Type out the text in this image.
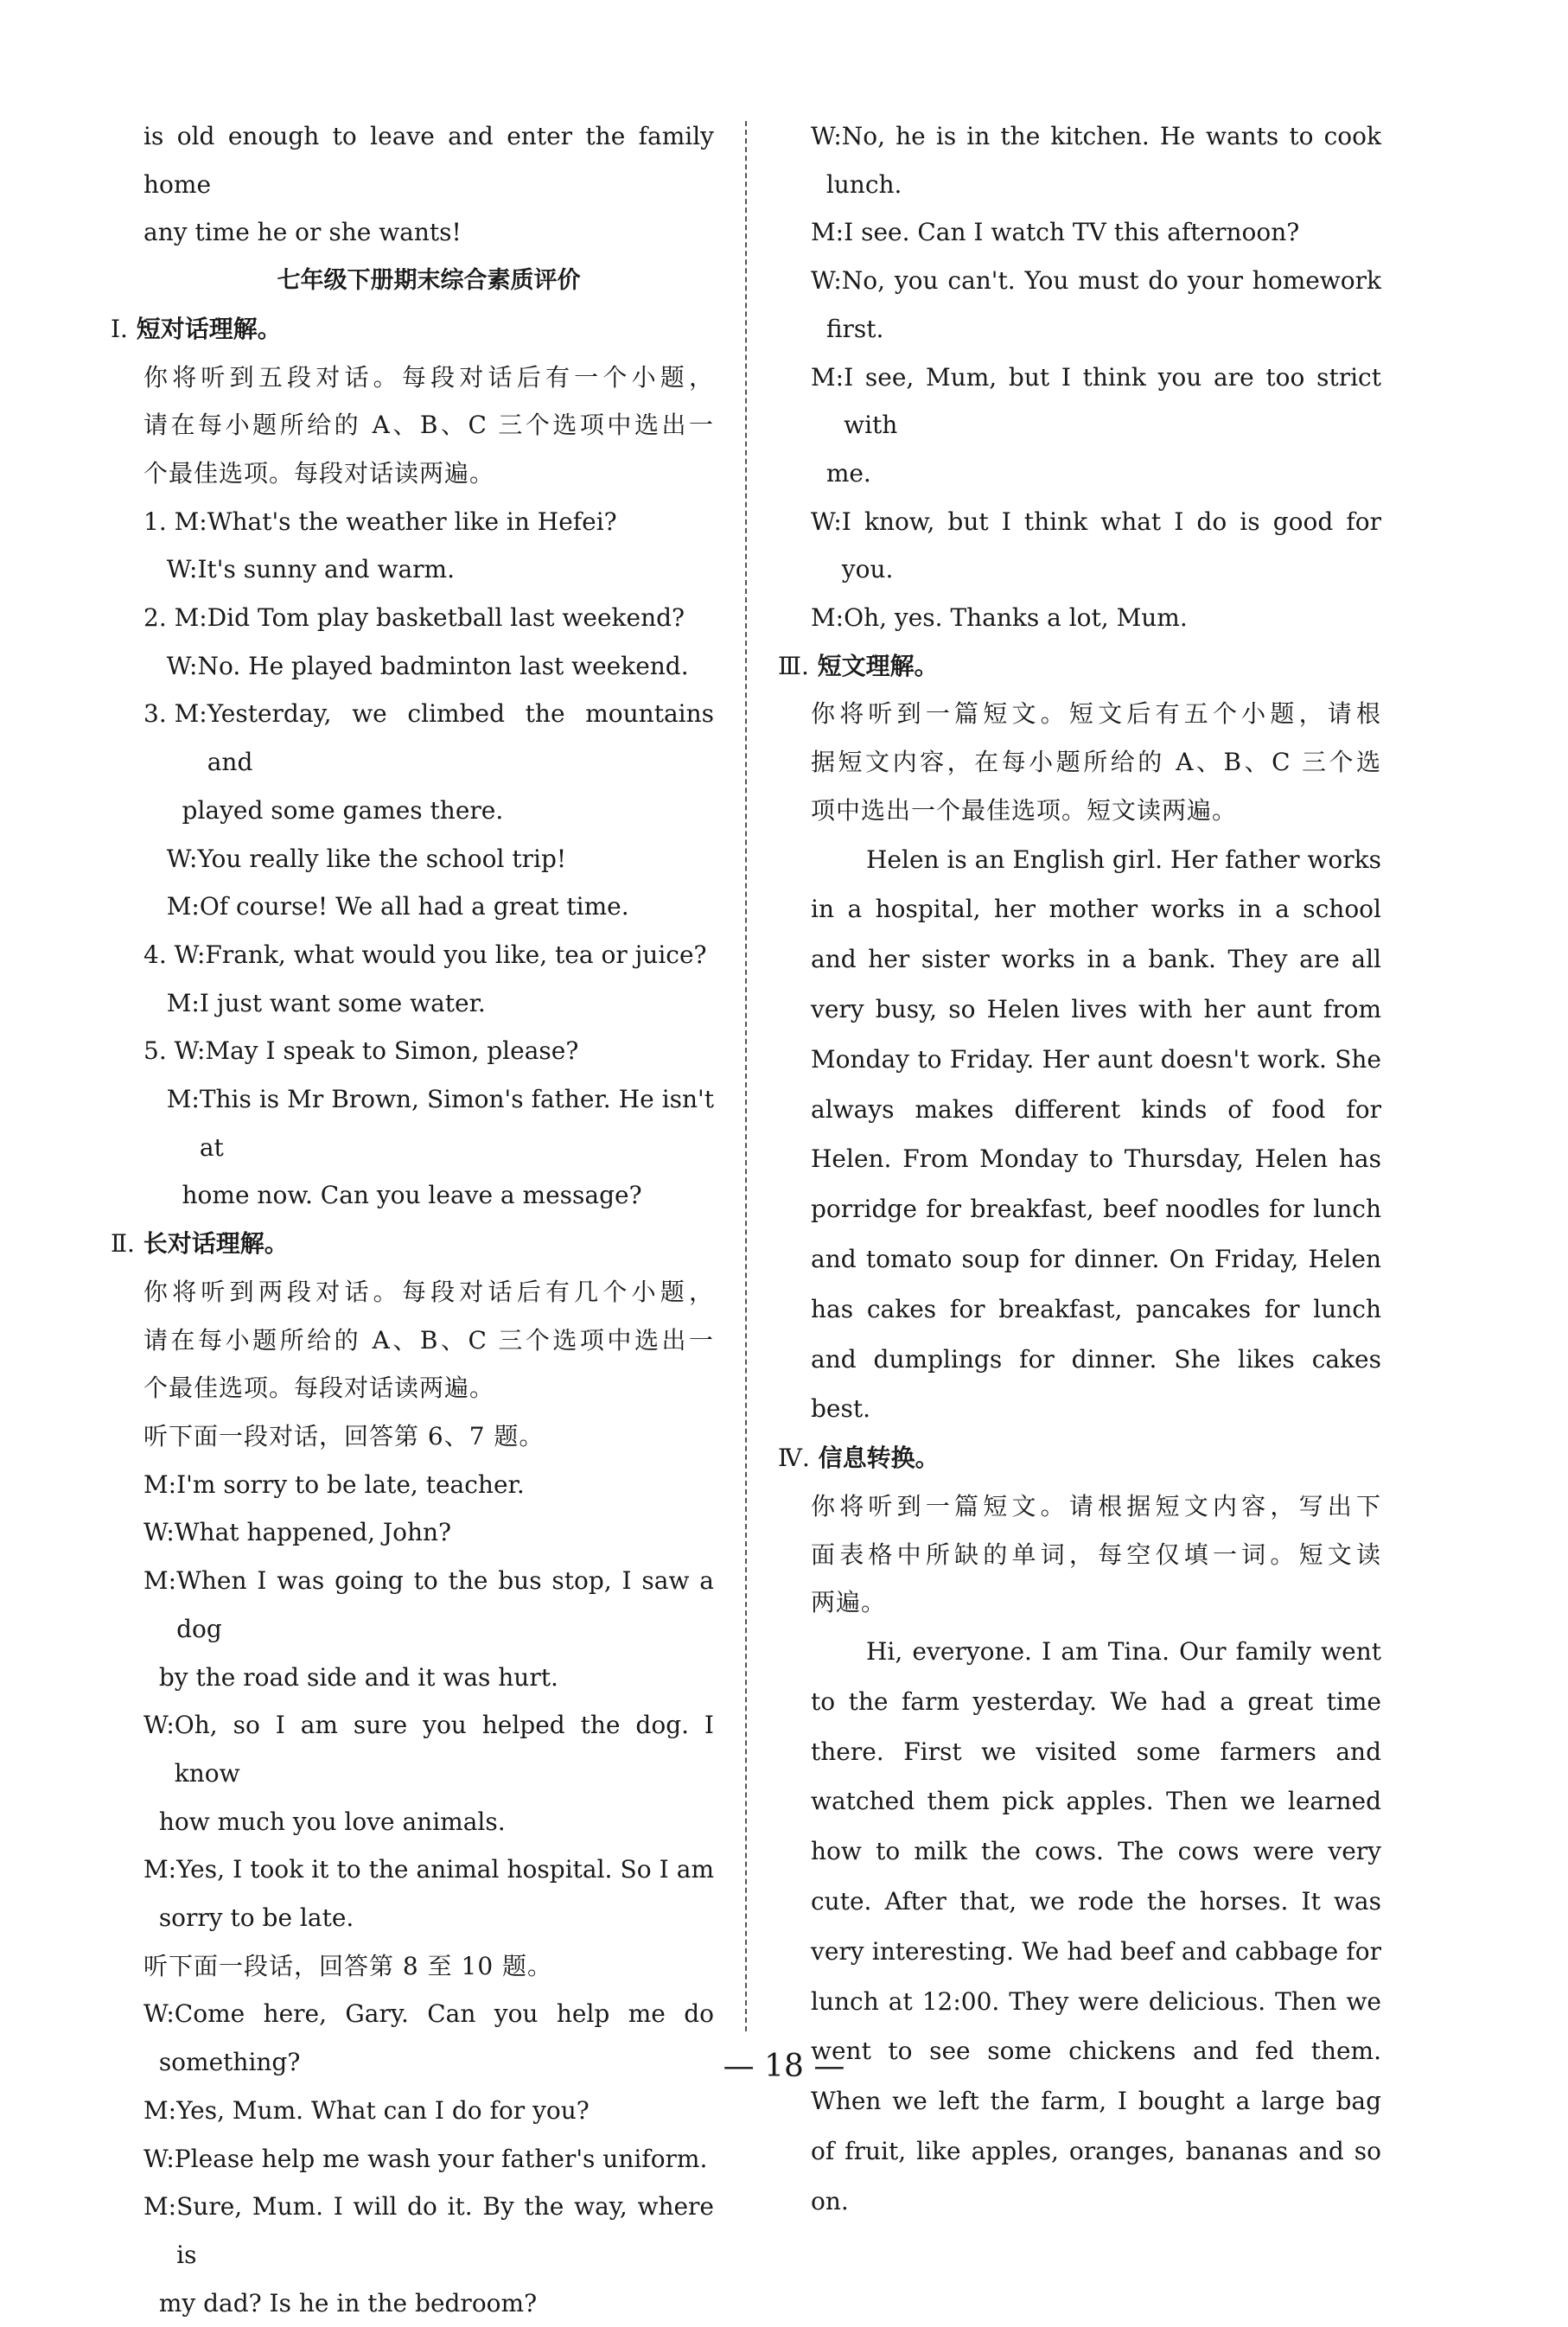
is old enough to leave and enter the family home

any time he or she wants!

七年级下册期末综合素质评价

Ⅰ. 短对话理解。

你将听到五段对话。每段对话后有一个小题，

请在每小题所给的 A、B、C 三个选项中选出一

个最佳选项。每段对话读两遍。

1. M: What's the weather like in Hefei?
W: It's sunny and warm.
2. M: Did Tom play basketball last weekend?
W: No. He played badminton last weekend.
3. M: Yesterday, we climbed the mountains and

played some games there.
W: You really like the school trip!
M: Of course! We all had a great time.
4. W: Frank, what would you like, tea or juice?
M: I just want some water.
5. W: May I speak to Simon, please?
M: This is Mr Brown, Simon's father. He isn't at

home now. Can you leave a message?

Ⅱ. 长对话理解。

你将听到两段对话。每段对话后有几个小题，

请在每小题所给的 A、B、C 三个选项中选出一

个最佳选项。每段对话读两遍。

听下面一段对话，回答第 6、7 题。

M: I'm sorry to be late, teacher.
W: What happened, John?
M: When I was going to the bus stop, I saw a dog

by the road side and it was hurt.
W: Oh, so I am sure you helped the dog. I know

how much you love animals.
M: Yes, I took it to the animal hospital. So I am

sorry to be late.

听下面一段话，回答第 8 至 10 题。

W: Come here, Gary. Can you help me do

something?
M: Yes, Mum. What can I do for you?
W: Please help me wash your father's uniform.
M: Sure, Mum. I will do it. By the way, where is

my dad? Is he in the bedroom?
W: No, he is in the kitchen. He wants to cook

lunch.
M: I see. Can I watch TV this afternoon?
W: No, you can't. You must do your homework

first.
M: I see, Mum, but I think you are too strict with

me.
W: I know, but I think what I do is good for you.
M: Oh, yes. Thanks a lot, Mum.

Ⅲ. 短文理解。

你将听到一篇短文。短文后有五个小题，请根

据短文内容，在每小题所给的 A、B、C 三个选

项中选出一个最佳选项。短文读两遍。

Helen is an English girl. Her father works in a hospital, her mother works in a school and her sister works in a bank. They are all very busy, so Helen lives with her aunt from Monday to Friday. Her aunt doesn't work. She always makes different kinds of food for Helen. From Monday to Thursday, Helen has porridge for breakfast, beef noodles for lunch and tomato soup for dinner. On Friday, Helen has cakes for breakfast, pancakes for lunch and dumplings for dinner. She likes cakes best.

Ⅳ. 信息转换。

你将听到一篇短文。请根据短文内容，写出下

面表格中所缺的单词，每空仅填一词。短文读

两遍。

Hi, everyone. I am Tina. Our family went to the farm yesterday. We had a great time there. First we visited some farmers and watched them pick apples. Then we learned how to milk the cows. The cows were very cute. After that, we rode the horses. It was very interesting. We had beef and cabbage for lunch at 12:00. They were delicious. Then we went to see some chickens and fed them. When we left the farm, I bought a large bag of fruit, like apples, oranges, bananas and so on.

— 18 —
